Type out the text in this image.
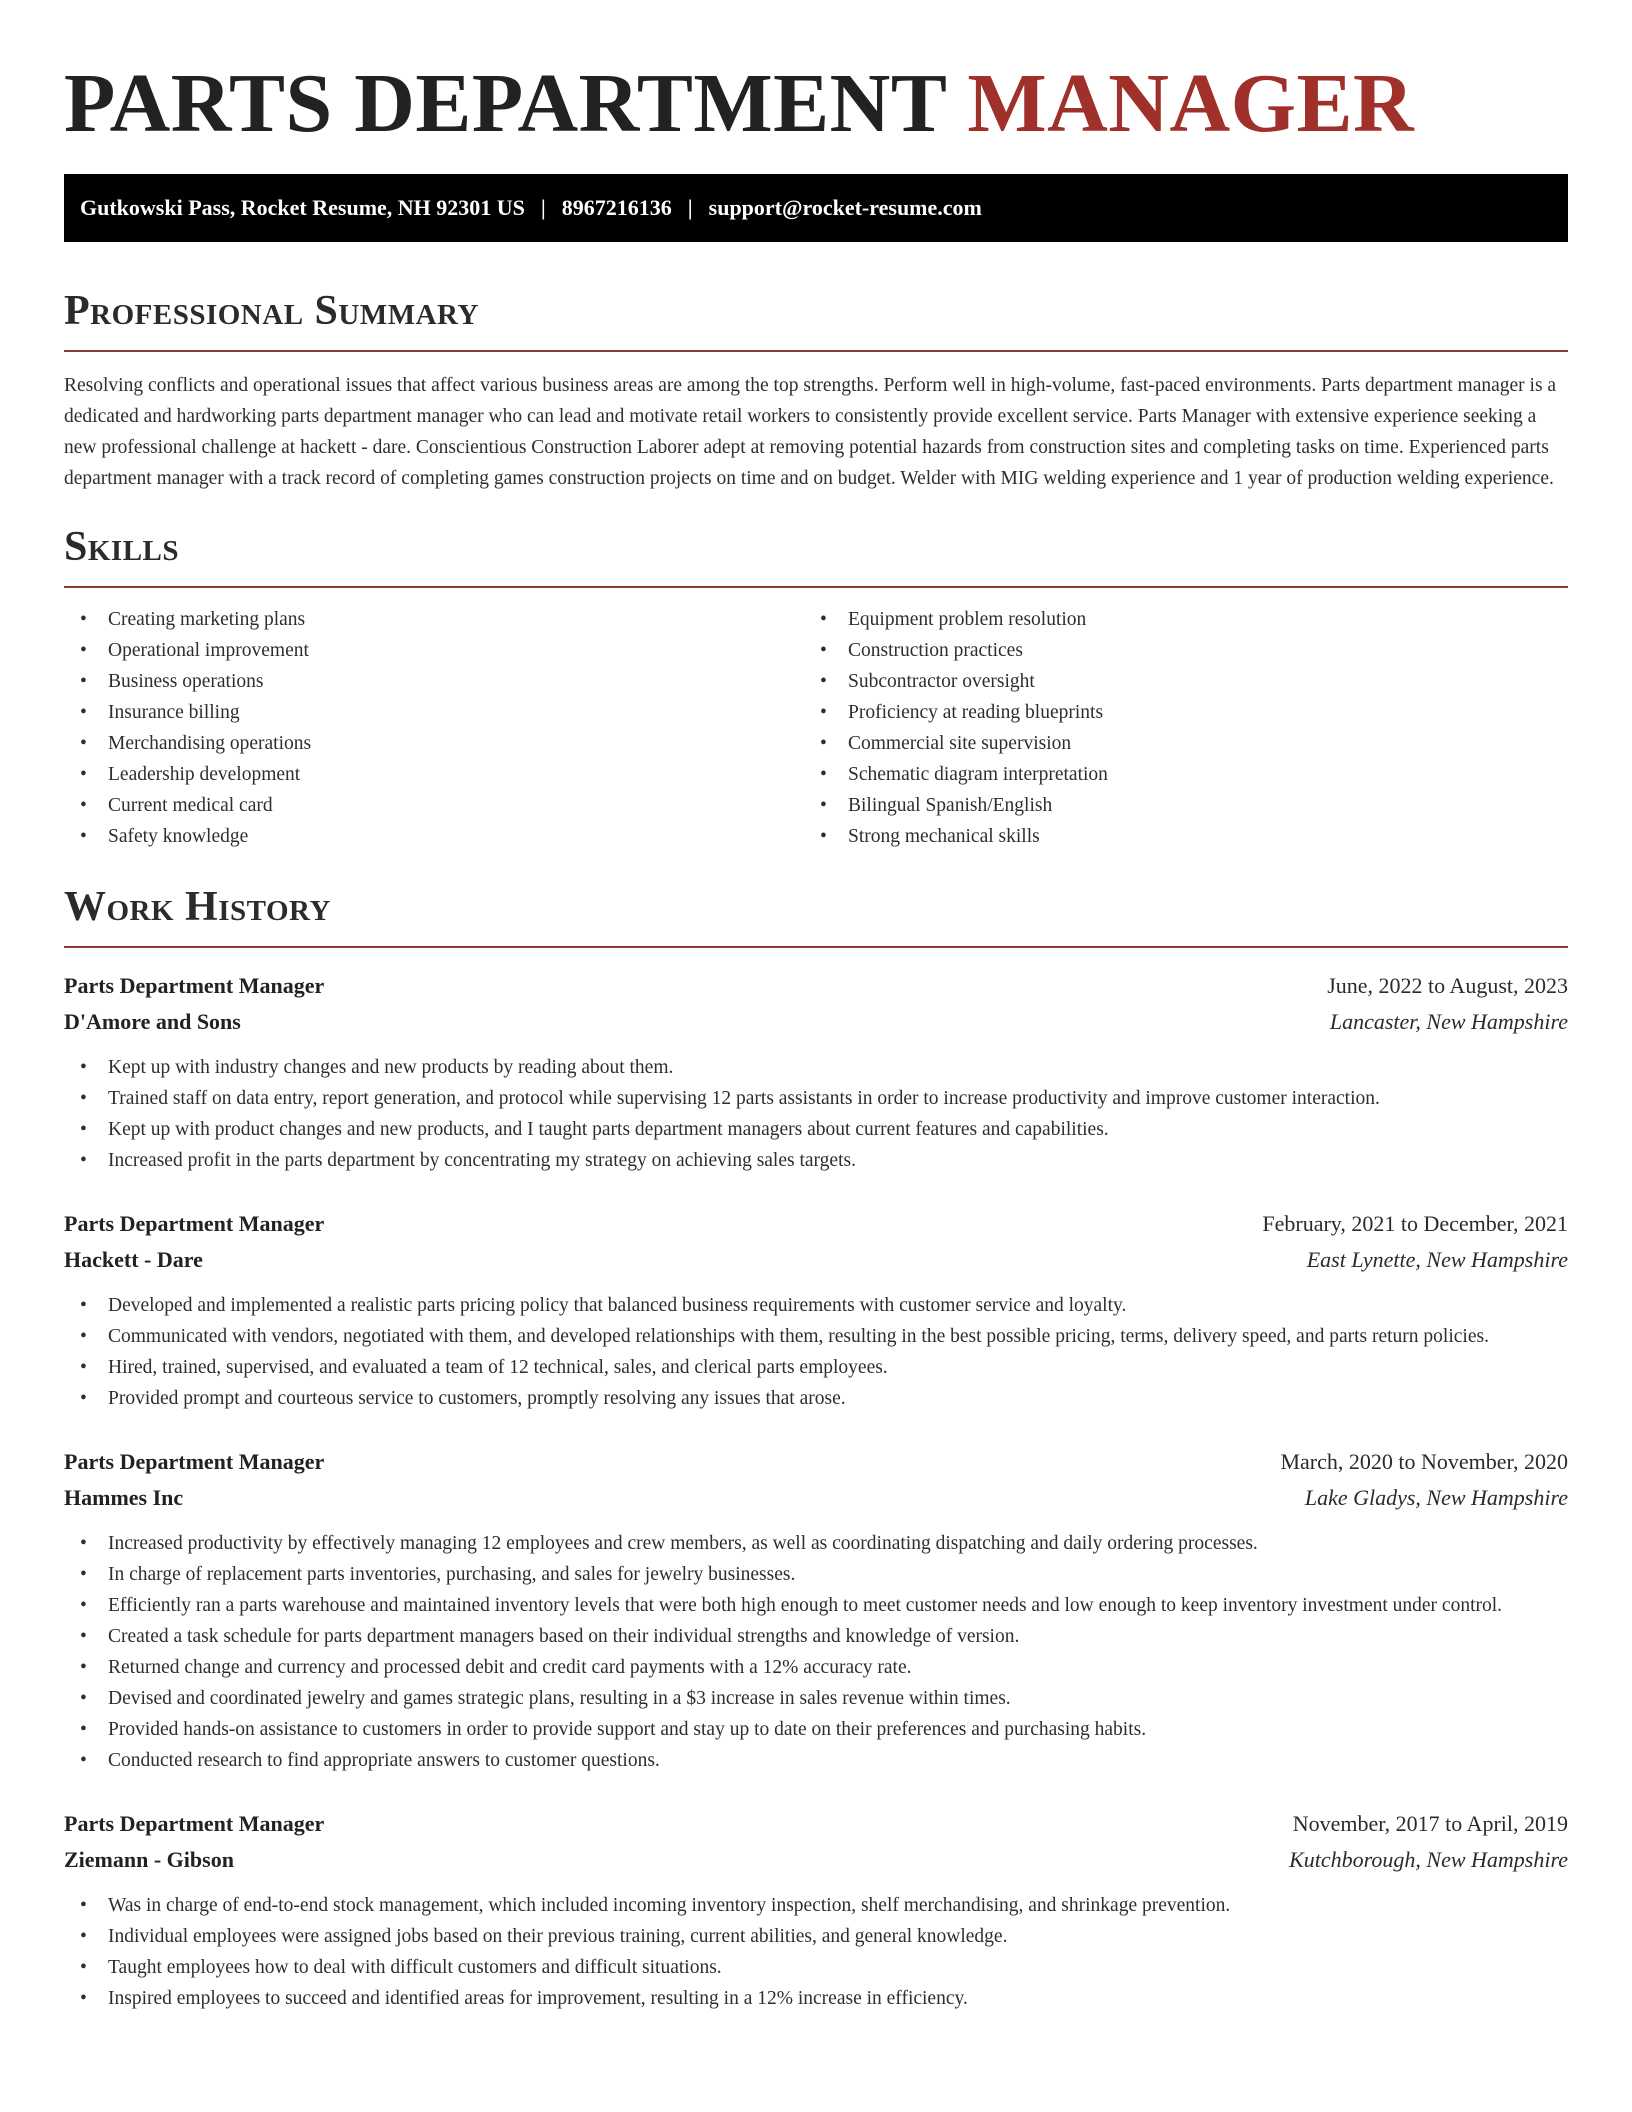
PARTS DEPARTMENT MANAGER
Gutkowski Pass, Rocket Resume, NH 92301 US | 8967216136 | support@rocket-resume.com
Professional Summary

Resolving conflicts and operational issues that affect various business areas are among the top strengths. Perform well in high-volume, fast-paced environments. Parts department manager is a dedicated and hardworking parts department manager who can lead and motivate retail workers to consistently provide excellent service. Parts Manager with extensive experience seeking a new professional challenge at hackett - dare. Conscientious Construction Laborer adept at removing potential hazards from construction sites and completing tasks on time. Experienced parts department manager with a track record of completing games construction projects on time and on budget. Welder with MIG welding experience and 1 year of production welding experience.

Skills
• Creating marketing plans
• Operational improvement
• Business operations
• Insurance billing
• Merchandising operations
• Leadership development
• Current medical card
• Safety knowledge
• Equipment problem resolution
• Construction practices
• Subcontractor oversight
• Proficiency at reading blueprints
• Commercial site supervision
• Schematic diagram interpretation
• Bilingual Spanish/English
• Strong mechanical skills
Work History
Parts Department Manager	June, 2022 to August, 2023
D'Amore and Sons	Lancaster, New Hampshire
• Kept up with industry changes and new products by reading about them.
• Trained staff on data entry, report generation, and protocol while supervising 12 parts assistants in order to increase productivity and improve customer interaction.
• Kept up with product changes and new products, and I taught parts department managers about current features and capabilities.
• Increased profit in the parts department by concentrating my strategy on achieving sales targets.
Parts Department Manager	February, 2021 to December, 2021
Hackett - Dare	East Lynette, New Hampshire
• Developed and implemented a realistic parts pricing policy that balanced business requirements with customer service and loyalty.
• Communicated with vendors, negotiated with them, and developed relationships with them, resulting in the best possible pricing, terms, delivery speed, and parts return policies.
• Hired, trained, supervised, and evaluated a team of 12 technical, sales, and clerical parts employees.
• Provided prompt and courteous service to customers, promptly resolving any issues that arose.
Parts Department Manager	March, 2020 to November, 2020
Hammes Inc	Lake Gladys, New Hampshire
• Increased productivity by effectively managing 12 employees and crew members, as well as coordinating dispatching and daily ordering processes.
• In charge of replacement parts inventories, purchasing, and sales for jewelry businesses.
• Efficiently ran a parts warehouse and maintained inventory levels that were both high enough to meet customer needs and low enough to keep inventory investment under control.
• Created a task schedule for parts department managers based on their individual strengths and knowledge of version.
• Returned change and currency and processed debit and credit card payments with a 12% accuracy rate.
• Devised and coordinated jewelry and games strategic plans, resulting in a $3 increase in sales revenue within times.
• Provided hands-on assistance to customers in order to provide support and stay up to date on their preferences and purchasing habits.
• Conducted research to find appropriate answers to customer questions.
Parts Department Manager	November, 2017 to April, 2019
Ziemann - Gibson	Kutchborough, New Hampshire
• Was in charge of end-to-end stock management, which included incoming inventory inspection, shelf merchandising, and shrinkage prevention.
• Individual employees were assigned jobs based on their previous training, current abilities, and general knowledge.
• Taught employees how to deal with difficult customers and difficult situations.
• Inspired employees to succeed and identified areas for improvement, resulting in a 12% increase in efficiency.
